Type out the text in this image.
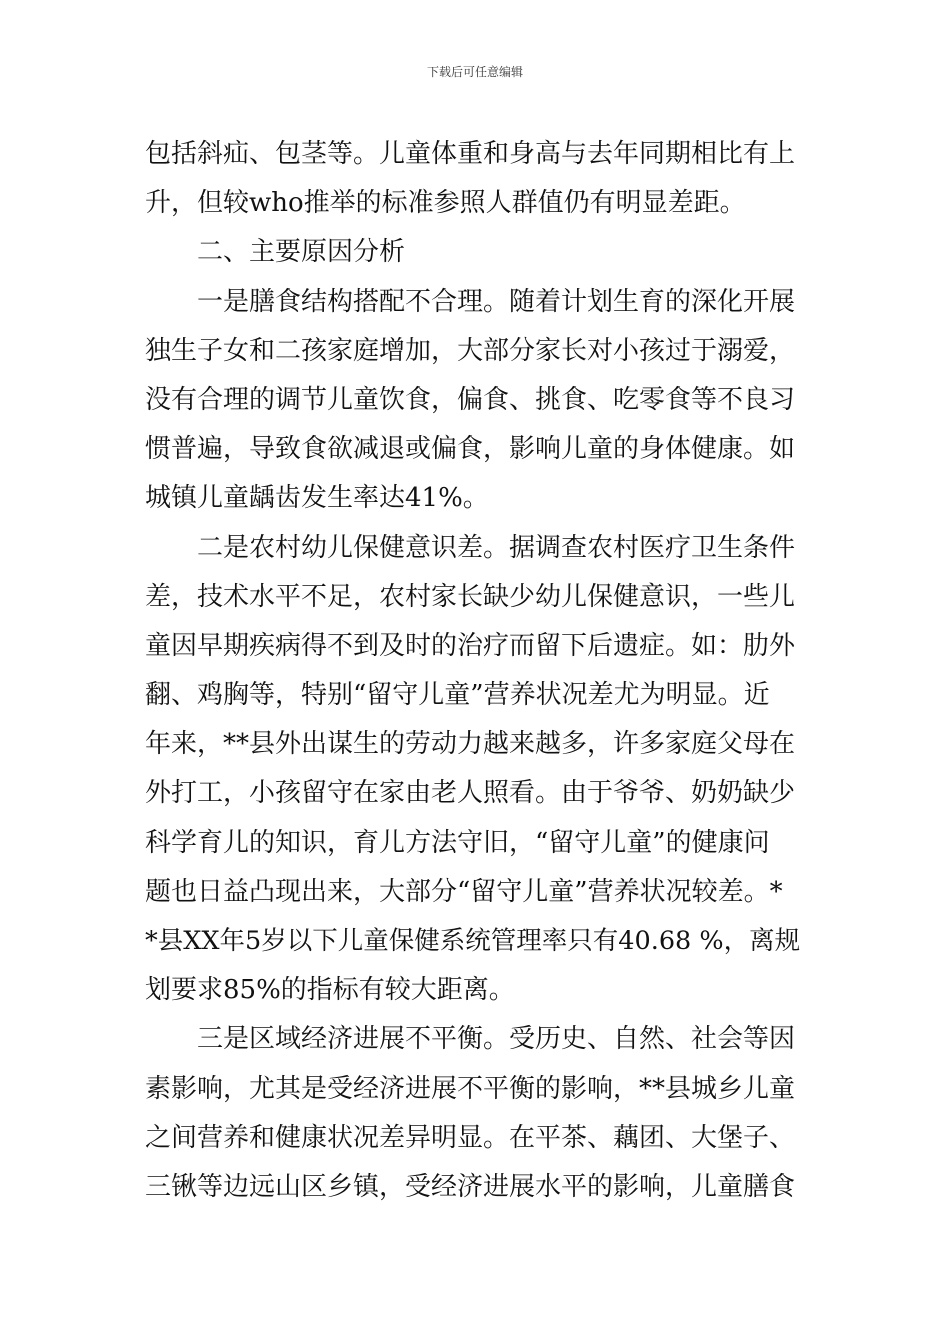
下载后可任意编辑
包括斜疝、包茎等。儿童体重和身高与去年同期相比有上
升，但较who推举的标准参照人群值仍有明显差距。
二、主要原因分析
一是膳食结构搭配不合理。随着计划生育的深化开展
独生子女和二孩家庭增加，大部分家长对小孩过于溺爱，
没有合理的调节儿童饮食，偏食、挑食、吃零食等不良习
惯普遍，导致食欲减退或偏食，影响儿童的身体健康。如
城镇儿童龋齿发生率达41%。
二是农村幼儿保健意识差。据调查农村医疗卫生条件
差，技术水平不足，农村家长缺少幼儿保健意识，一些儿
童因早期疾病得不到及时的治疗而留下后遗症。如：肋外
翻、鸡胸等，特别“留守儿童”营养状况差尤为明显。近
年来，**县外出谋生的劳动力越来越多，许多家庭父母在
外打工，小孩留守在家由老人照看。由于爷爷、奶奶缺少
科学育儿的知识，育儿方法守旧，“留守儿童”的健康问
题也日益凸现出来，大部分“留守儿童”营养状况较差。*
*县XX年5岁以下儿童保健系统管理率只有40.68 %，离规
划要求85%的指标有较大距离。
三是区域经济进展不平衡。受历史、自然、社会等因
素影响，尤其是受经济进展不平衡的影响，**县城乡儿童
之间营养和健康状况差异明显。在平茶、藕团、大堡子、
三锹等边远山区乡镇，受经济进展水平的影响，儿童膳食
